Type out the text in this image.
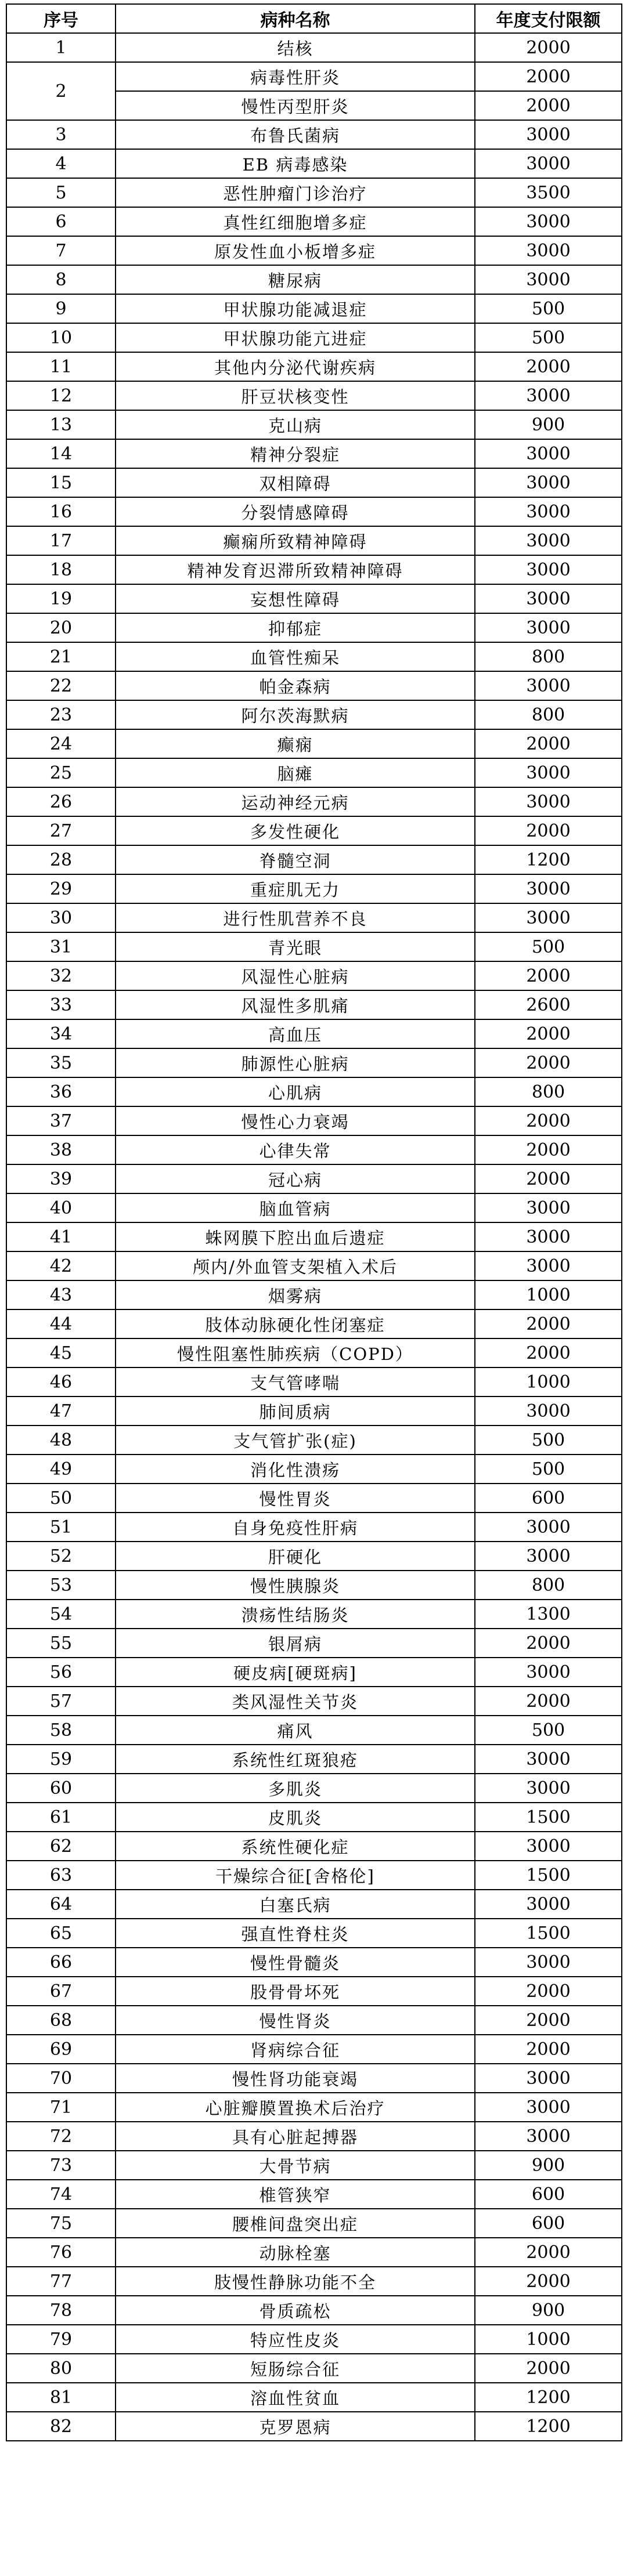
序号	病种名称	年度支付限额
1	结核	2000
2	病毒性肝炎	2000
	慢性丙型肝炎	2000
3	布鲁氏菌病	3000
4	EB 病毒感染	3000
5	恶性肿瘤门诊治疗	3500
6	真性红细胞增多症	3000
7	原发性血小板增多症	3000
8	糖尿病	3000
9	甲状腺功能减退症	500
10	甲状腺功能亢进症	500
11	其他内分泌代谢疾病	2000
12	肝豆状核变性	3000
13	克山病	900
14	精神分裂症	3000
15	双相障碍	3000
16	分裂情感障碍	3000
17	癫痫所致精神障碍	3000
18	精神发育迟滞所致精神障碍	3000
19	妄想性障碍	3000
20	抑郁症	3000
21	血管性痴呆	800
22	帕金森病	3000
23	阿尔茨海默病	800
24	癫痫	2000
25	脑瘫	3000
26	运动神经元病	3000
27	多发性硬化	2000
28	脊髓空洞	1200
29	重症肌无力	3000
30	进行性肌营养不良	3000
31	青光眼	500
32	风湿性心脏病	2000
33	风湿性多肌痛	2600
34	高血压	2000
35	肺源性心脏病	2000
36	心肌病	800
37	慢性心力衰竭	2000
38	心律失常	2000
39	冠心病	2000
40	脑血管病	3000
41	蛛网膜下腔出血后遗症	3000
42	颅内/外血管支架植入术后	3000
43	烟雾病	1000
44	肢体动脉硬化性闭塞症	2000
45	慢性阻塞性肺疾病（COPD）	2000
46	支气管哮喘	1000
47	肺间质病	3000
48	支气管扩张(症)	500
49	消化性溃疡	500
50	慢性胃炎	600
51	自身免疫性肝病	3000
52	肝硬化	3000
53	慢性胰腺炎	800
54	溃疡性结肠炎	1300
55	银屑病	2000
56	硬皮病[硬斑病]	3000
57	类风湿性关节炎	2000
58	痛风	500
59	系统性红斑狼疮	3000
60	多肌炎	3000
61	皮肌炎	1500
62	系统性硬化症	3000
63	干燥综合征[舍格伦]	1500
64	白塞氏病	3000
65	强直性脊柱炎	1500
66	慢性骨髓炎	3000
67	股骨骨坏死	2000
68	慢性肾炎	2000
69	肾病综合征	2000
70	慢性肾功能衰竭	3000
71	心脏瓣膜置换术后治疗	3000
72	具有心脏起搏器	3000
73	大骨节病	900
74	椎管狭窄	600
75	腰椎间盘突出症	600
76	动脉栓塞	2000
77	肢慢性静脉功能不全	2000
78	骨质疏松	900
79	特应性皮炎	1000
80	短肠综合征	2000
81	溶血性贫血	1200
82	克罗恩病	1200
